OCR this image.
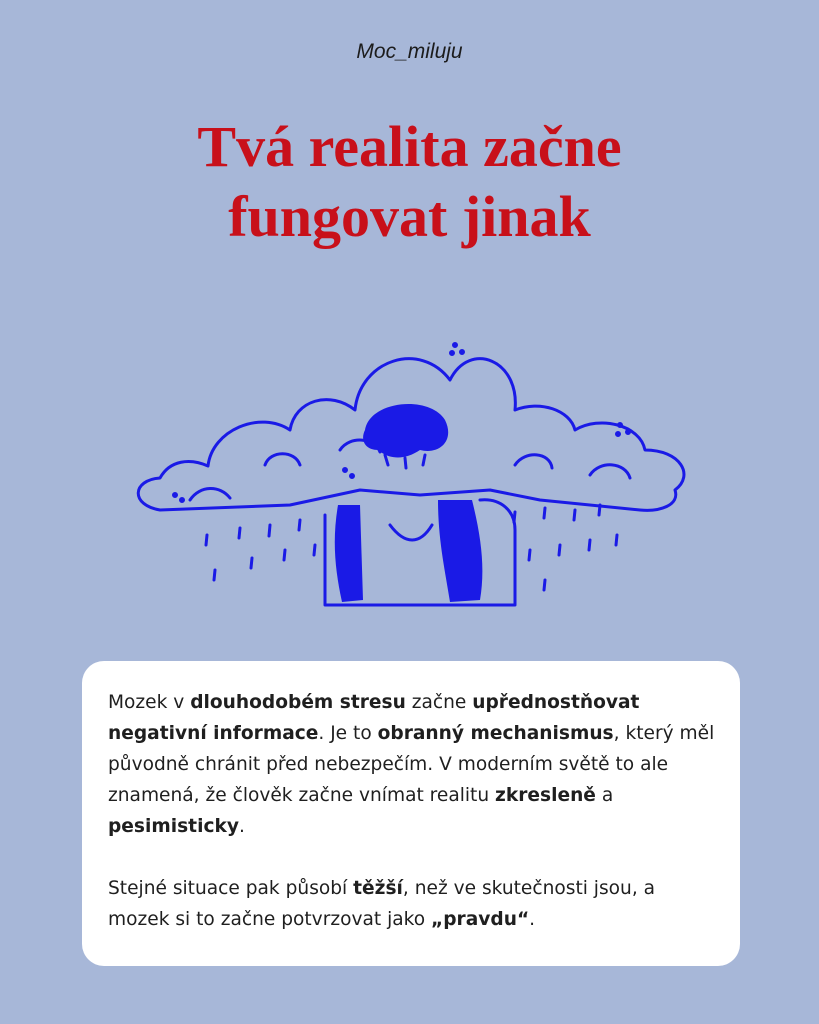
Moc_miluju
Tvá realita začne
fungovat jinak

Mozek v dlouhodobém stresu začne upřednostňovat negativní informace. Je to obranný mechanismus, který měl původně chránit před nebezpečím. V moderním světě to ale znamená, že člověk začne vnímat realitu zkresleně a pesimisticky.

Stejné situace pak působí těžší, než ve skutečnosti jsou, a mozek si to začne potvrzovat jako „pravdu“.
